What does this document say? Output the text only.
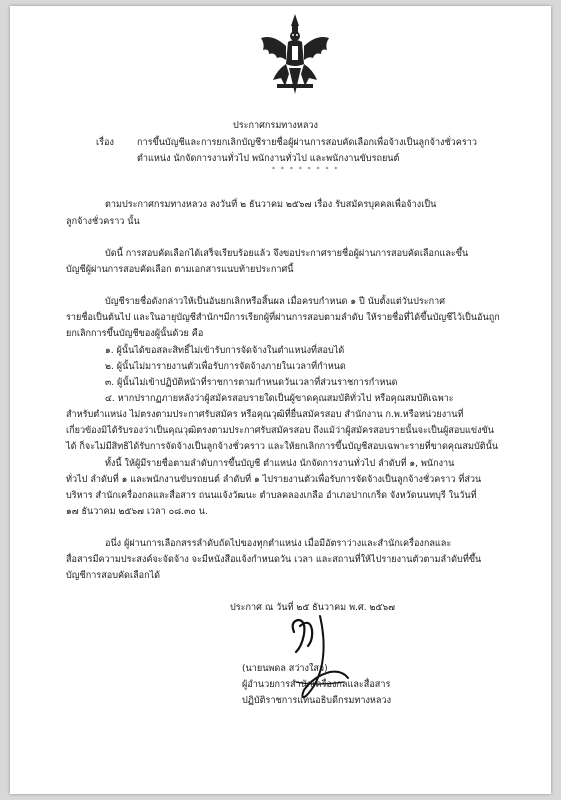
ประกาศกรมทางหลวง
เรื่อง	การขึ้นบัญชีและการยกเลิกบัญชีรายชื่อผู้ผ่านการสอบคัดเลือกเพื่อจ้างเป็นลูกจ้างชั่วคราว
ตำแหน่ง นักจัดการงานทั่วไป พนักงานทั่วไป และพนักงานขับรถยนต์
* * * * * * * *
ตามประกาศกรมทางหลวง ลงวันที่ ๒ ธันวาคม ๒๕๖๗ เรื่อง รับสมัครบุคคลเพื่อจ้างเป็น
ลูกจ้างชั่วคราว นั้น
บัดนี้ การสอบคัดเลือกได้เสร็จเรียบร้อยแล้ว จึงขอประกาศรายชื่อผู้ผ่านการสอบคัดเลือกและขึ้น
บัญชีผู้ผ่านการสอบคัดเลือก ตามเอกสารแนบท้ายประกาศนี้
บัญชีรายชื่อดังกล่าวให้เป็นอันยกเลิกหรือสิ้นผล เมื่อครบกำหนด ๑ ปี นับตั้งแต่วันประกาศ
รายชื่อเป็นต้นไป และในอายุบัญชีสำนักฯมีการเรียกผู้ที่ผ่านการสอบตามลำดับ ให้รายชื่อที่ได้ขึ้นบัญชีไว้เป็นอันถูก
ยกเลิกการขึ้นบัญชีของผู้นั้นด้วย คือ
๑. ผู้นั้นได้ขอสละสิทธิ์ไม่เข้ารับการจัดจ้างในตำแหน่งที่สอบได้
๒. ผู้นั้นไม่มารายงานตัวเพื่อรับการจัดจ้างภายในเวลาที่กำหนด
๓. ผู้นั้นไม่เข้าปฏิบัติหน้าที่ราชการตามกำหนดวันเวลาที่ส่วนราชการกำหนด
๔. หากปรากฏภายหลังว่าผู้สมัครสอบรายใดเป็นผู้ขาดคุณสมบัติทั่วไป หรือคุณสมบัติเฉพาะ
สำหรับตำแหน่ง ไม่ตรงตามประกาศรับสมัคร หรือคุณวุฒิที่ยื่นสมัครสอบ สำนักงาน ก.พ.หรือหน่วยงานที่
เกี่ยวข้องมิได้รับรองว่าเป็นคุณวุฒิตรงตามประกาศรับสมัครสอบ ถึงแม้ว่าผู้สมัครสอบรายนั้นจะเป็นผู้สอบแข่งขัน
ได้ ก็จะไม่มีสิทธิได้รับการจัดจ้างเป็นลูกจ้างชั่วคราว และให้ยกเลิกการขึ้นบัญชีสอบเฉพาะรายที่ขาดคุณสมบัตินั้น
ทั้งนี้ ให้ผู้มีรายชื่อตามลำดับการขึ้นบัญชี ตำแหน่ง นักจัดการงานทั่วไป ลำดับที่ ๑, พนักงาน
ทั่วไป ลำดับที่ ๑ และพนักงานขับรถยนต์ ลำดับที่ ๑ ไปรายงานตัวเพื่อรับการจัดจ้างเป็นลูกจ้างชั่วคราว ที่ส่วน
บริหาร สำนักเครื่องกลและสื่อสาร ถนนแจ้งวัฒนะ ตำบลคลองเกลือ อำเภอปากเกร็ด จังหวัดนนทบุรี ในวันที่
๑๗ ธันวาคม ๒๕๖๗ เวลา ๐๘.๓๐ น.
อนึ่ง ผู้ผ่านการเลือกสรรลำดับถัดไปของทุกตำแหน่ง เมื่อมีอัตราว่างและสำนักเครื่องกลและ
สื่อสารมีความประสงค์จะจัดจ้าง จะมีหนังสือแจ้งกำหนดวัน เวลา และสถานที่ให้ไปรายงานตัวตามลำดับที่ขึ้น
บัญชีการสอบคัดเลือกได้
ประกาศ ณ วันที่ ๒๕ ธันวาคม พ.ศ. ๒๕๖๗
(นายนพดล สว่างใสว)
ผู้อำนวยการสำนักเครื่องกลและสื่อสาร
ปฏิบัติราชการแทนอธิบดีกรมทางหลวง
